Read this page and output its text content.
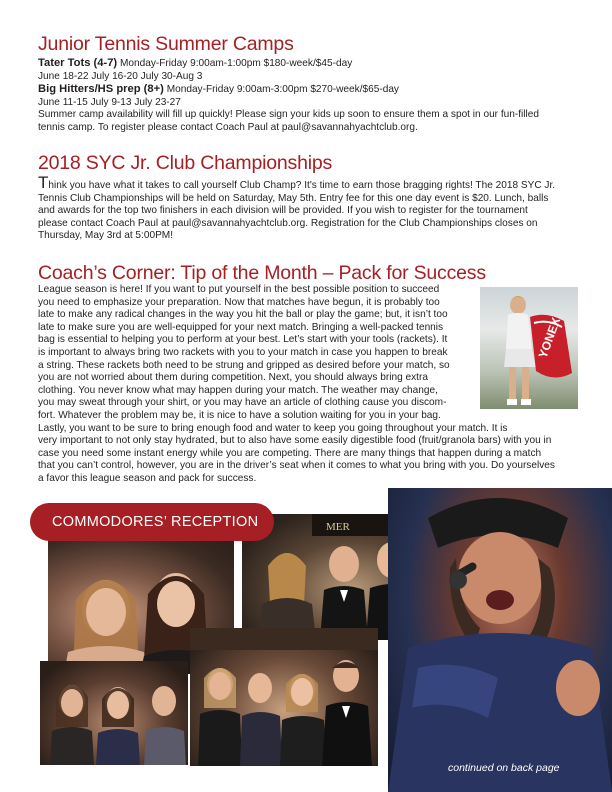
Junior Tennis Summer Camps
Tater Tots (4-7) Monday-Friday 9:00am-1:00pm $180-week/$45-day
June 18-22 July 16-20 July 30-Aug 3
Big Hitters/HS prep (8+) Monday-Friday 9:00am-3:00pm $270-week/$65-day
June 11-15 July 9-13 July 23-27
Summer camp availability will fill up quickly! Please sign your kids up soon to ensure them a spot in our fun-filled
tennis camp. To register please contact Coach Paul at paul@savannahyachtclub.org.
2018 SYC Jr. Club Championships
Think you have what it takes to call yourself Club Champ? It's time to earn those bragging rights! The 2018 SYC Jr.
Tennis Club Championships will be held on Saturday, May 5th. Entry fee for this one day event is $20. Lunch, balls
and awards for the top two finishers in each division will be provided. If you wish to register for the tournament
please contact Coach Paul at paul@savannahyachtclub.org. Registration for the Club Championships closes on
Thursday, May 3rd at 5:00PM!
Coach’s Corner: Tip of the Month – Pack for Success
League season is here! If you want to put yourself in the best possible position to succeed
you need to emphasize your preparation. Now that matches have begun, it is probably too
late to make any radical changes in the way you hit the ball or play the game; but, it isn’t too
late to make sure you are well-equipped for your next match. Bringing a well-packed tennis
bag is essential to helping you to perform at your best. Let’s start with your tools (rackets). It
is important to always bring two rackets with you to your match in case you happen to break
a string. These rackets both need to be strung and gripped as desired before your match, so
you are not worried about them during competition. Next, you should always bring extra
clothing. You never know what may happen during your match. The weather may change,
you may sweat through your shirt, or you may have an article of clothing cause you discom-
fort. Whatever the problem may be, it is nice to have a solution waiting for you in your bag.
Lastly, you want to be sure to bring enough food and water to keep you going throughout your match. It is
very important to not only stay hydrated, but to also have some easily digestible food (fruit/granola bars) with you in
case you need some instant energy while you are competing. There are many things that happen during a match
that you can’t control, however, you are in the driver’s seat when it comes to what you bring with you. Do yourselves
a favor this league season and pack for success.
YONEX
MER
COMMODORES’ RECEPTION
continued on back page
